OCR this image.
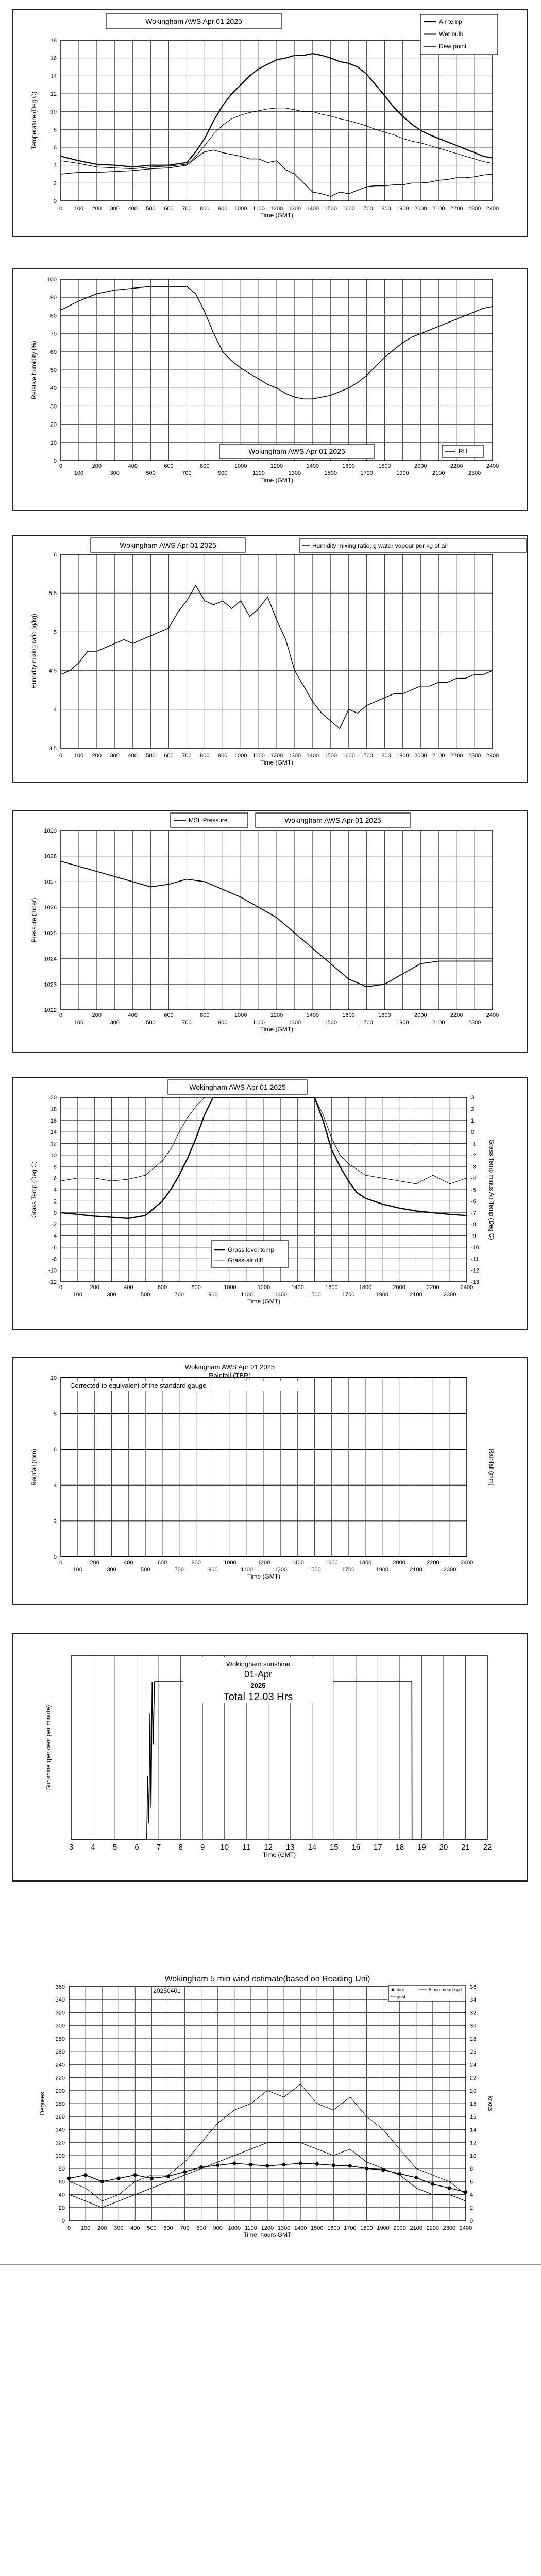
0
2
4
6
8
10
12
14
16
18
0 100 200 300 400 500 600 700 800 900 1000 1100 1200 1300 1400 1500 1600 1700 1800 1900 2000 2100 2200 2300 2400
Time (GMT)
Temperature (Deg C)
Wokingham AWS Apr 01 2025	Air temp
Wet bulb
Dew point
0
10
20
30
40
50
60
70
80
90
100
0	200	400	600	800	1000	1200	1400	1600	1800	2000	2200	2400
100	300	500	700	900	1100	1300	1500	1700	1900	2100	2300
Time (GMT)
Relative humidity (%)
Wokingham AWS Apr 01 2025	RH
3.5
4
4.5
5
5.5
6
0 100 200 300 400 500 600 700 800 900 1000 1100 1200 1300 1400 1500 1600 1700 1800 1900 2000 2100 2200 2300 2400
Time (GMT)
Humidity mixing ratio (g/kg)
Wokingham AWS Apr 01 2025	Humidity mixing ratio, g water vapour per kg of air
1022
1023
1024
1025
1026
1027
1028
1029
0	200	400	600	800	1000	1200	1400	1600	1800	2000	2200	2400
100	300	500	700	900	1100	1300	1500	1700	1900	2100	2300
Time (GMT)
Pressure (mbar)
MSL Pressure	Wokingham AWS Apr 01 2025
-12
-10
-8
-6
-4
-2
0
2
4
6
8
10
12
14
16
18
20
-13
-12
-11
-10
-9
-8
-7
-6
-5
-4
-3
-2
-1
0
1
2
3
0	200	400	600	800	1000	1200	1400	1600	1800	2000	2200	2400
100	300	500	700	900	1100	1300	1500	1700	1900	2100	2300
Time (GMT)
Grass Temp (Deg C)	Grass Temp minus Air Temp (Deg C)
Wokingham AWS Apr 01 2025
Grass level temp
Grass-air diff
0
2
4
6
8
10
0	200	400	600	800	1000	1200	1400	1600	1800	2000	2200	2400
100	300	500	700	900	1100	1300	1500	1700	1900	2100	2300
Time (GMT)
Rainfall (mm)	Rainfall (mm)
Wokingham AWS Apr 01 2025
Rainfall (TBR)
Corrected to equivalent of the standard gauge
Wokingham sunshine
01-Apr
2025
Total 12.03 Hrs
3 4 5 6 7 8 9 10 11 12 13 14 15 16 17 18 19 20 21 22
Time (GMT)
Sunshine (per cent per minute)
0
20
40
60
80
100
120
140
160
180
200
220
240
260
280
300
320
340
360
0
2
4
6
8
10
12
14
16
18
20
22
24
26
28
30
32
34
36
0 100 200 300 400 500 600 700 800 900 1000 1100 1200 1300 1400 1500 1600 1700 1800 1900 2000 2100 2200 2300 2400
Time, hours GMT
Degrees	knots
Wokingham 5 min wind estimate(based on Reading Uni)
20250401	dirn
gust
5 min mean spd
